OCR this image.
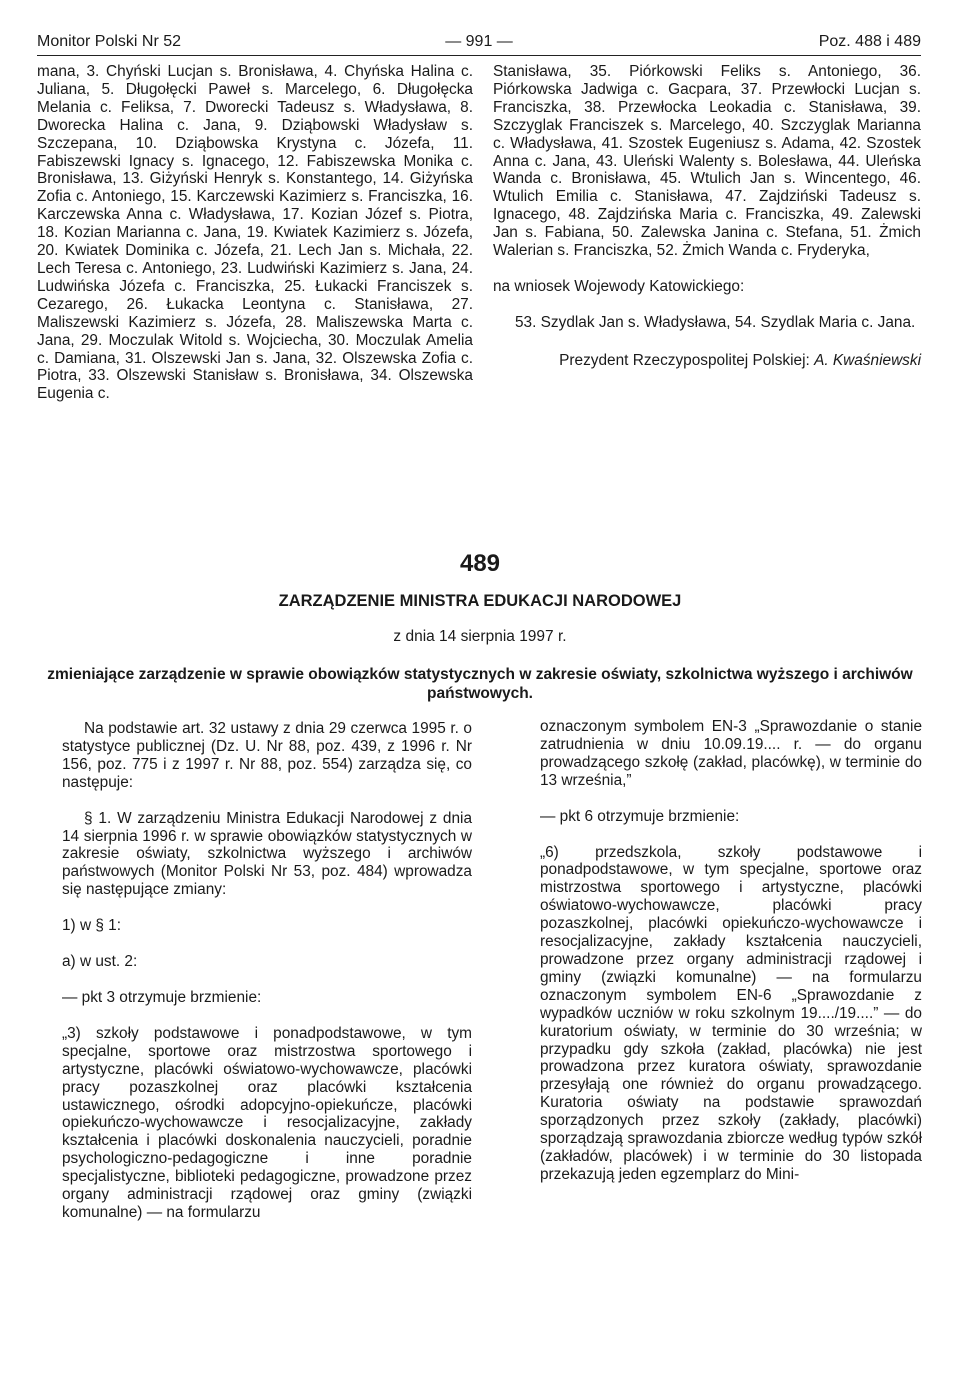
Monitor Polski Nr 52	— 991 —	Poz. 488 i 489

mana, 3. Chyński Lucjan s. Bronisława, 4. Chyńska Halina c. Juliana, 5. Długołęcki Paweł s. Marcelego, 6. Długołęcka Melania c. Feliksa, 7. Dworecki Tadeusz s. Władysława, 8. Dworecka Halina c. Jana, 9. Dziąbowski Władysław s. Szczepana, 10. Dziąbowska Krystyna c. Józefa, 11. Fabiszewski Ignacy s. Ignacego, 12. Fabiszewska Monika c. Bronisława, 13. Giżyński Henryk s. Konstantego, 14. Giżyńska Zofia c. Antoniego, 15. Karczewski Kazimierz s. Franciszka, 16. Karczewska Anna c. Władysława, 17. Kozian Józef s. Piotra, 18. Kozian Marianna c. Jana, 19. Kwiatek Kazimierz s. Józefa, 20. Kwiatek Dominika c. Józefa, 21. Lech Jan s. Michała, 22. Lech Teresa c. Antoniego, 23. Ludwiński Kazimierz s. Jana, 24. Ludwińska Józefa c. Franciszka, 25. Łukacki Franciszek s. Cezarego, 26. Łukacka Leontyna c. Stanisława, 27. Maliszewski Kazimierz s. Józefa, 28. Maliszewska Marta c. Jana, 29. Moczulak Witold s. Wojciecha, 30. Moczulak Amelia c. Damiana, 31. Olszewski Jan s. Jana, 32. Olszewska Zofia c. Piotra, 33. Olszewski Stanisław s. Bronisława, 34. Olszewska Eugenia c.

Stanisława, 35. Piórkowski Feliks s. Antoniego, 36. Piórkowska Jadwiga c. Gacpara, 37. Przewłocki Lucjan s. Franciszka, 38. Przewłocka Leokadia c. Stanisława, 39. Szczyglak Franciszek s. Marcelego, 40. Szczyglak Marianna c. Władysława, 41. Szostek Eugeniusz s. Adama, 42. Szostek Anna c. Jana, 43. Uleński Walenty s. Bolesława, 44. Uleńska Wanda c. Bronisława, 45. Wtulich Jan s. Wincentego, 46. Wtulich Emilia c. Stanisława, 47. Zajdziński Tadeusz s. Ignacego, 48. Zajdzińska Maria c. Franciszka, 49. Zalewski Jan s. Fabiana, 50. Zalewska Janina c. Stefana, 51. Żmich Walerian s. Franciszka, 52. Żmich Wanda c. Fryderyka,

na wniosek Wojewody Katowickiego:

53. Szydlak Jan s. Władysława, 54. Szydlak Maria c. Jana.

Prezydent Rzeczypospolitej Polskiej: A. Kwaśniewski

489
ZARZĄDZENIE MINISTRA EDUKACJI NARODOWEJ
z dnia 14 sierpnia 1997 r.
zmieniające zarządzenie w sprawie obowiązków statystycznych w zakresie oświaty, szkolnictwa wyższego i archiwów państwowych.

Na podstawie art. 32 ustawy z dnia 29 czerwca 1995 r. o statystyce publicznej (Dz. U. Nr 88, poz. 439, z 1996 r. Nr 156, poz. 775 i z 1997 r. Nr 88, poz. 554) zarządza się, co następuje:

§ 1. W zarządzeniu Ministra Edukacji Narodowej z dnia 14 sierpnia 1996 r. w sprawie obowiązków statystycznych w zakresie oświaty, szkolnictwa wyższego i archiwów państwowych (Monitor Polski Nr 53, poz. 484) wprowadza się następujące zmiany:

1) w § 1:

a) w ust. 2:

— pkt 3 otrzymuje brzmienie:

„3) szkoły podstawowe i ponadpodstawowe, w tym specjalne, sportowe oraz mistrzostwa sportowego i artystyczne, placówki oświatowo-wychowawcze, placówki pracy pozaszkolnej oraz placówki kształcenia ustawicznego, ośrodki adopcyjno-opiekuńcze, placówki opiekuńczo-wychowawcze i resocjalizacyjne, zakłady kształcenia i placówki doskonalenia nauczycieli, poradnie psychologiczno-pedagogiczne i inne poradnie specjalistyczne, biblioteki pedagogiczne, prowadzone przez organy administracji rządowej oraz gminy (związki komunalne) — na formularzu

oznaczonym symbolem EN-3 „Sprawozdanie o stanie zatrudnienia w dniu 10.09.19.... r. — do organu prowadzącego szkołę (zakład, placówkę), w terminie do 13 września,”

— pkt 6 otrzymuje brzmienie:

„6) przedszkola, szkoły podstawowe i ponadpodstawowe, w tym specjalne, sportowe oraz mistrzostwa sportowego i artystyczne, placówki oświatowo-wychowawcze, placówki pracy pozaszkolnej, placówki opiekuńczo-wychowawcze i resocjalizacyjne, zakłady kształcenia nauczycieli, prowadzone przez organy administracji rządowej i gminy (związki komunalne) — na formularzu oznaczonym symbolem EN-6 „Sprawozdanie z wypadków uczniów w roku szkolnym 19..../19....” — do kuratorium oświaty, w terminie do 30 września; w przypadku gdy szkoła (zakład, placówka) nie jest prowadzona przez kuratora oświaty, sprawozdanie przesyłają one również do organu prowadzącego. Kuratoria oświaty na podstawie sprawozdań sporządzonych przez szkoły (zakłady, placówki) sporządzają sprawozdania zbiorcze według typów szkół (zakładów, placówek) i w terminie do 30 listopada przekazują jeden egzemplarz do Mini-
